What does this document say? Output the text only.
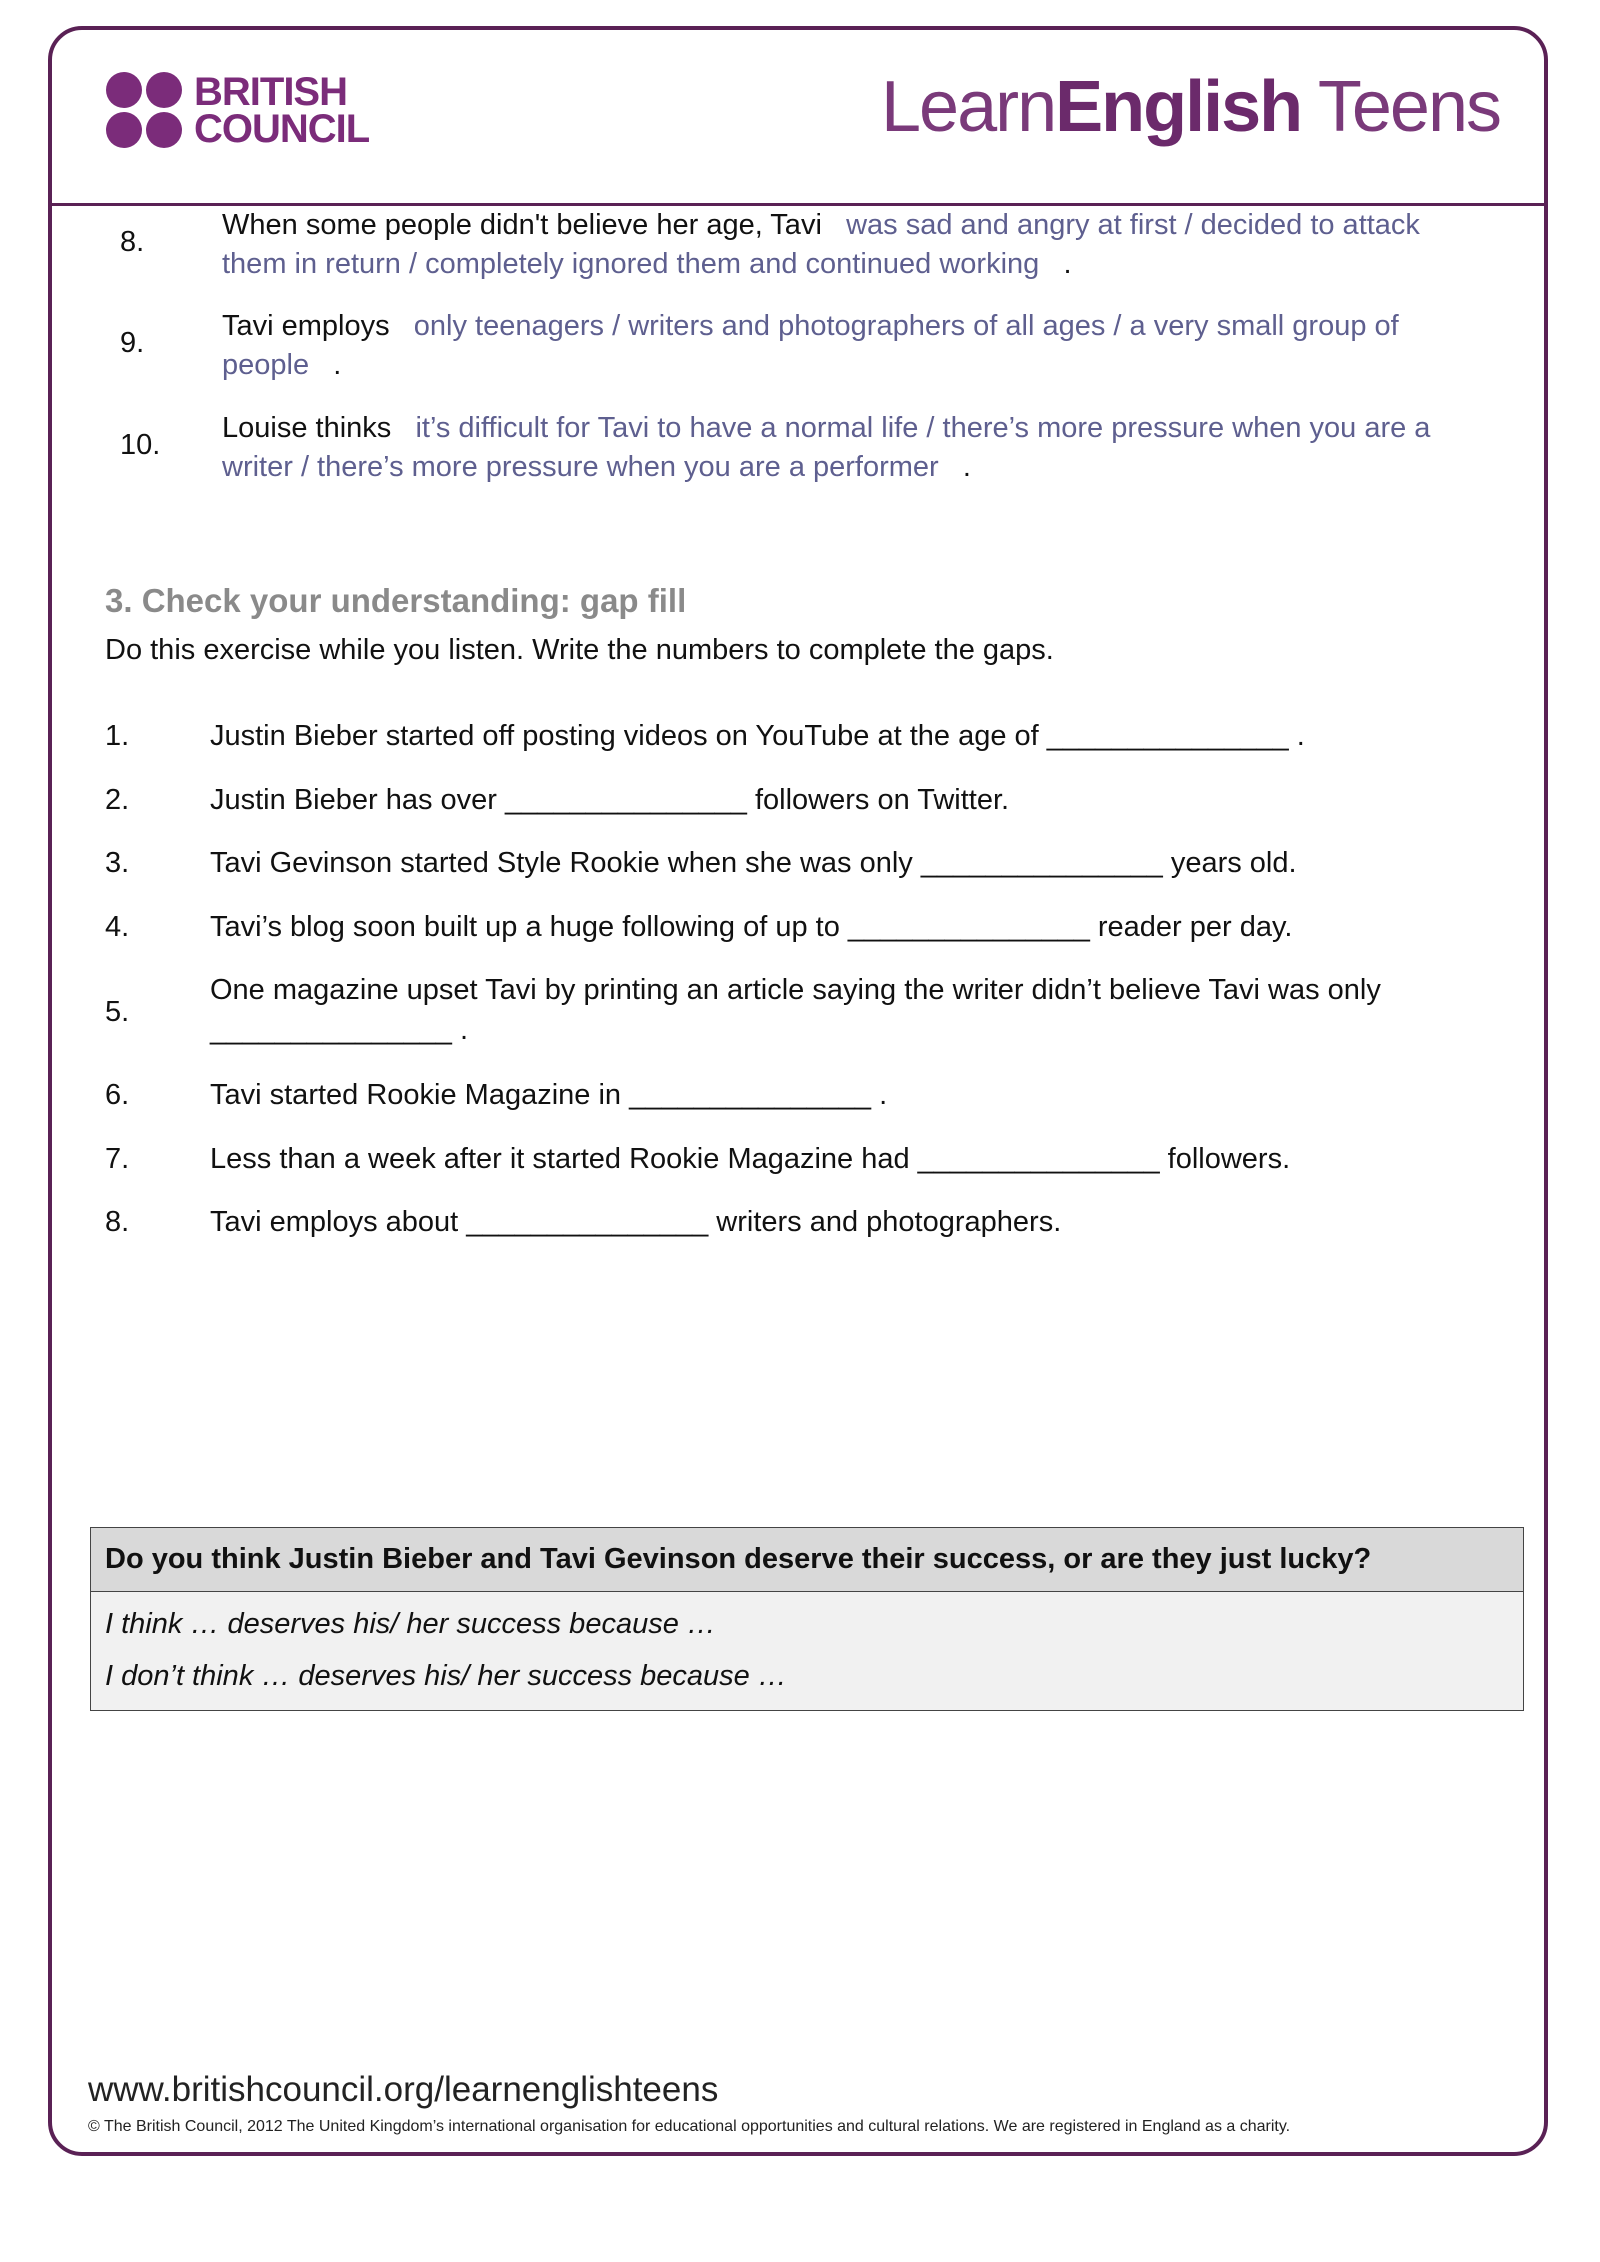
BRITISH
COUNCIL	LearnEnglish Teens
8.
When some people didn't believe her age, Tavi was sad and angry at first / decided to attack them in return / completely ignored them and continued working .
9.
Tavi employs only teenagers / writers and photographers of all ages / a very small group of people .
10.
Louise thinks it’s difficult for Tavi to have a normal life / there’s more pressure when you are a writer / there’s more pressure when you are a performer .
3. Check your understanding: gap fill
Do this exercise while you listen. Write the numbers to complete the gaps.
1.	Justin Bieber started off posting videos on YouTube at the age of _______________ .
2.	Justin Bieber has over _______________ followers on Twitter.
3.	Tavi Gevinson started Style Rookie when she was only _______________ years old.
4.	Tavi’s blog soon built up a huge following of up to _______________ reader per day.
5.
One magazine upset Tavi by printing an article saying the writer didn’t believe Tavi was only _______________ .
6.	Tavi started Rookie Magazine in _______________ .
7.	Less than a week after it started Rookie Magazine had _______________ followers.
8.	Tavi employs about _______________ writers and photographers.
Do you think Justin Bieber and Tavi Gevinson deserve their success, or are they just lucky?
I think … deserves his/ her success because …
I don’t think … deserves his/ her success because …
www.britishcouncil.org/learnenglishteens
© The British Council, 2012 The United Kingdom’s international organisation for educational opportunities and cultural relations. We are registered in England as a charity.
